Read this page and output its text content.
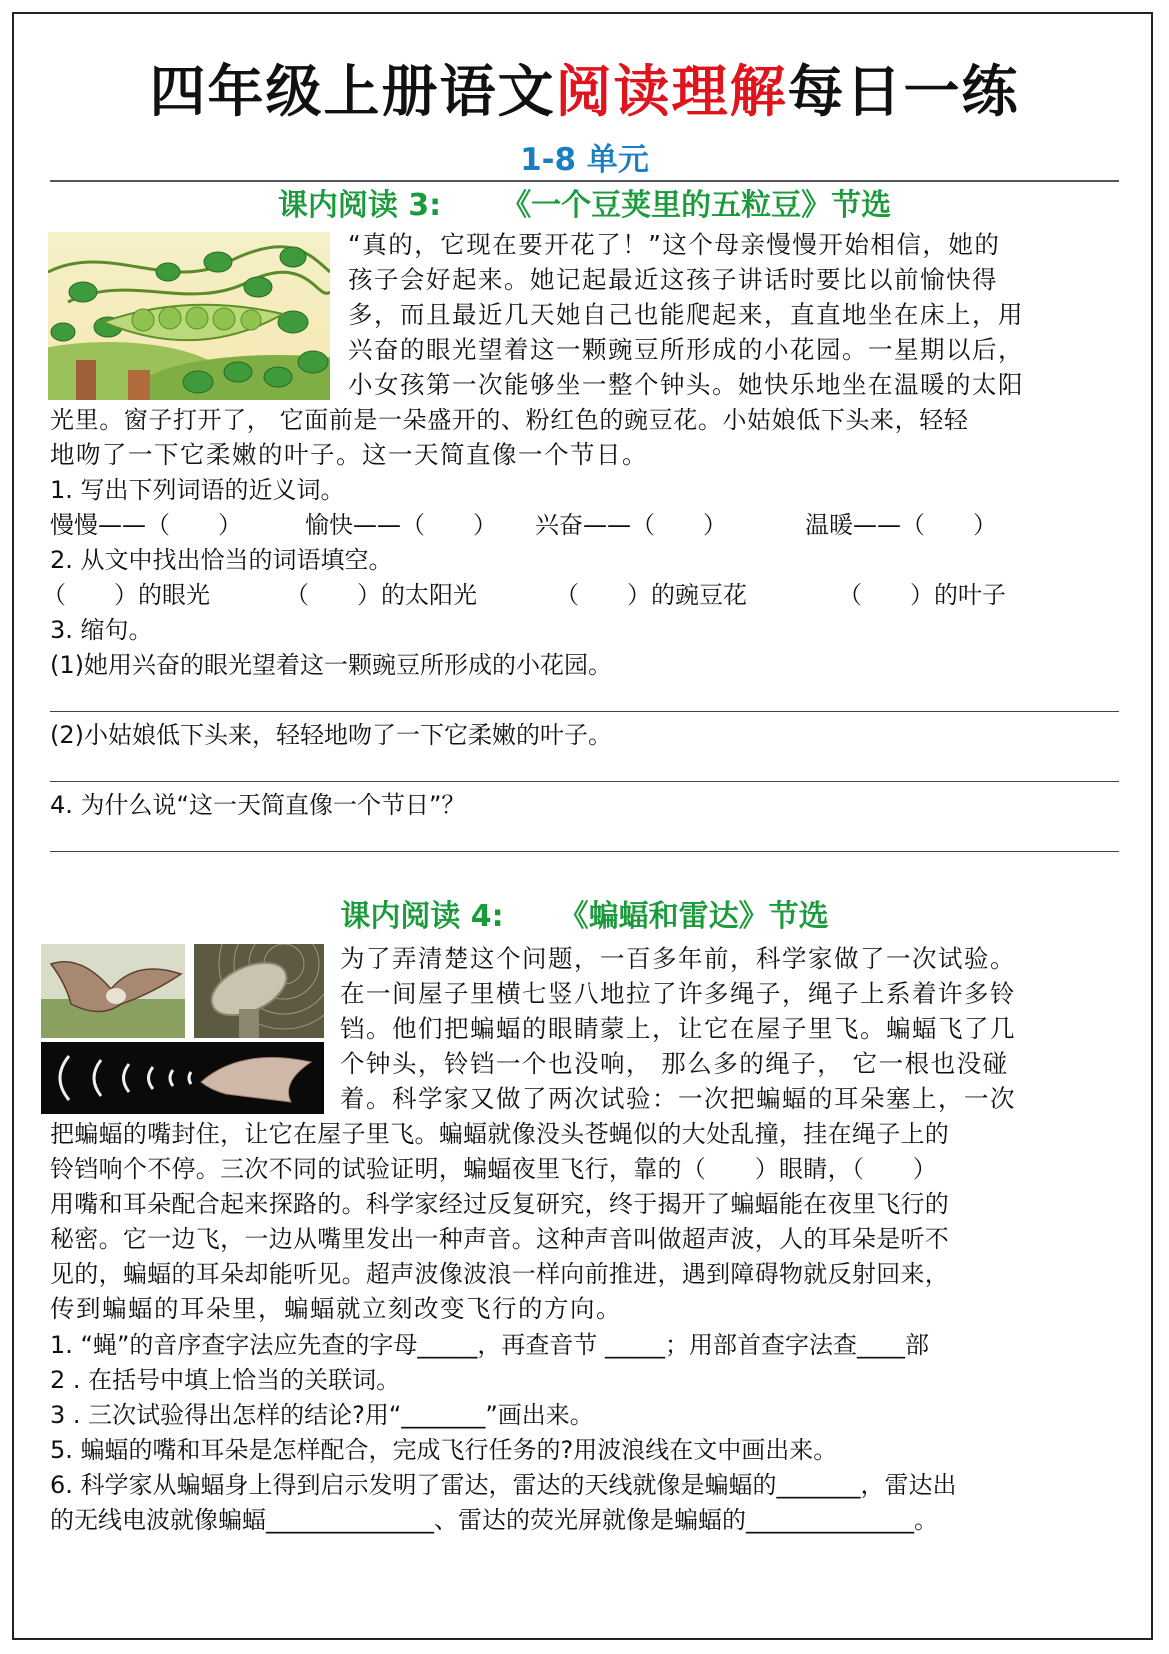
四年级上册语文阅读理解每日一练
1-8 单元
课内阅读 3: 《一个豆荚里的五粒豆》节选
“真的，它现在要开花了！”这个母亲慢慢开始相信，她的
孩子会好起来。她记起最近这孩子讲话时要比以前愉快得
多，而且最近几天她自己也能爬起来，直直地坐在床上，用
兴奋的眼光望着这一颗豌豆所形成的小花园。一星期以后，
小女孩第一次能够坐一整个钟头。她快乐地坐在温暖的太阳
光里。窗子打开了， 它面前是一朵盛开的、粉红色的豌豆花。小姑娘低下头来，轻轻
地吻了一下它柔嫩的叶子。这一天简直像一个节日。
1. 写出下列词语的近义词。
慢慢——（　　）	愉快——（　　） 兴奋——（　　）	温暖——（　　）
2. 从文中找出恰当的词语填空。
（　　）的眼光	（　　）的太阳光	（　　）的豌豆花	（　　）的叶子
3. 缩句。
(1)她用兴奋的眼光望着这一颗豌豆所形成的小花园。
(2)小姑娘低下头来，轻轻地吻了一下它柔嫩的叶子。
4. 为什么说“这一天简直像一个节日”？
课内阅读 4: 《蝙蝠和雷达》节选
为了弄清楚这个问题，一百多年前，科学家做了一次试验。
在一间屋子里横七竖八地拉了许多绳子，绳子上系着许多铃
铛。他们把蝙蝠的眼睛蒙上，让它在屋子里飞。蝙蝠飞了几
个钟头，铃铛一个也没响， 那么多的绳子， 它一根也没碰
着。科学家又做了两次试验：一次把蝙蝠的耳朵塞上，一次
把蝙蝠的嘴封住，让它在屋子里飞。蝙蝠就像没头苍蝇似的大处乱撞，挂在绳子上的
铃铛响个不停。三次不同的试验证明，蝙蝠夜里飞行，靠的（　　）眼睛，（　　）
用嘴和耳朵配合起来探路的。科学家经过反复研究，终于揭开了蝙蝠能在夜里飞行的
秘密。它一边飞，一边从嘴里发出一种声音。这种声音叫做超声波，人的耳朵是听不
见的，蝙蝠的耳朵却能听见。超声波像波浪一样向前推进，遇到障碍物就反射回来，
传到蝙蝠的耳朵里，蝙蝠就立刻改变飞行的方向。
1. “蝇”的音序查字法应先查的字母_____，再查音节 _____；用部首查字法查____部
2 . 在括号中填上恰当的关联词。
3 . 三次试验得出怎样的结论?用“_______”画出来。
5. 蝙蝠的嘴和耳朵是怎样配合，完成飞行任务的?用波浪线在文中画出来。
6. 科学家从蝙蝠身上得到启示发明了雷达，雷达的天线就像是蝙蝠的_______，雷达出
的无线电波就像蝙蝠______________、雷达的荧光屏就像是蝙蝠的______________。
